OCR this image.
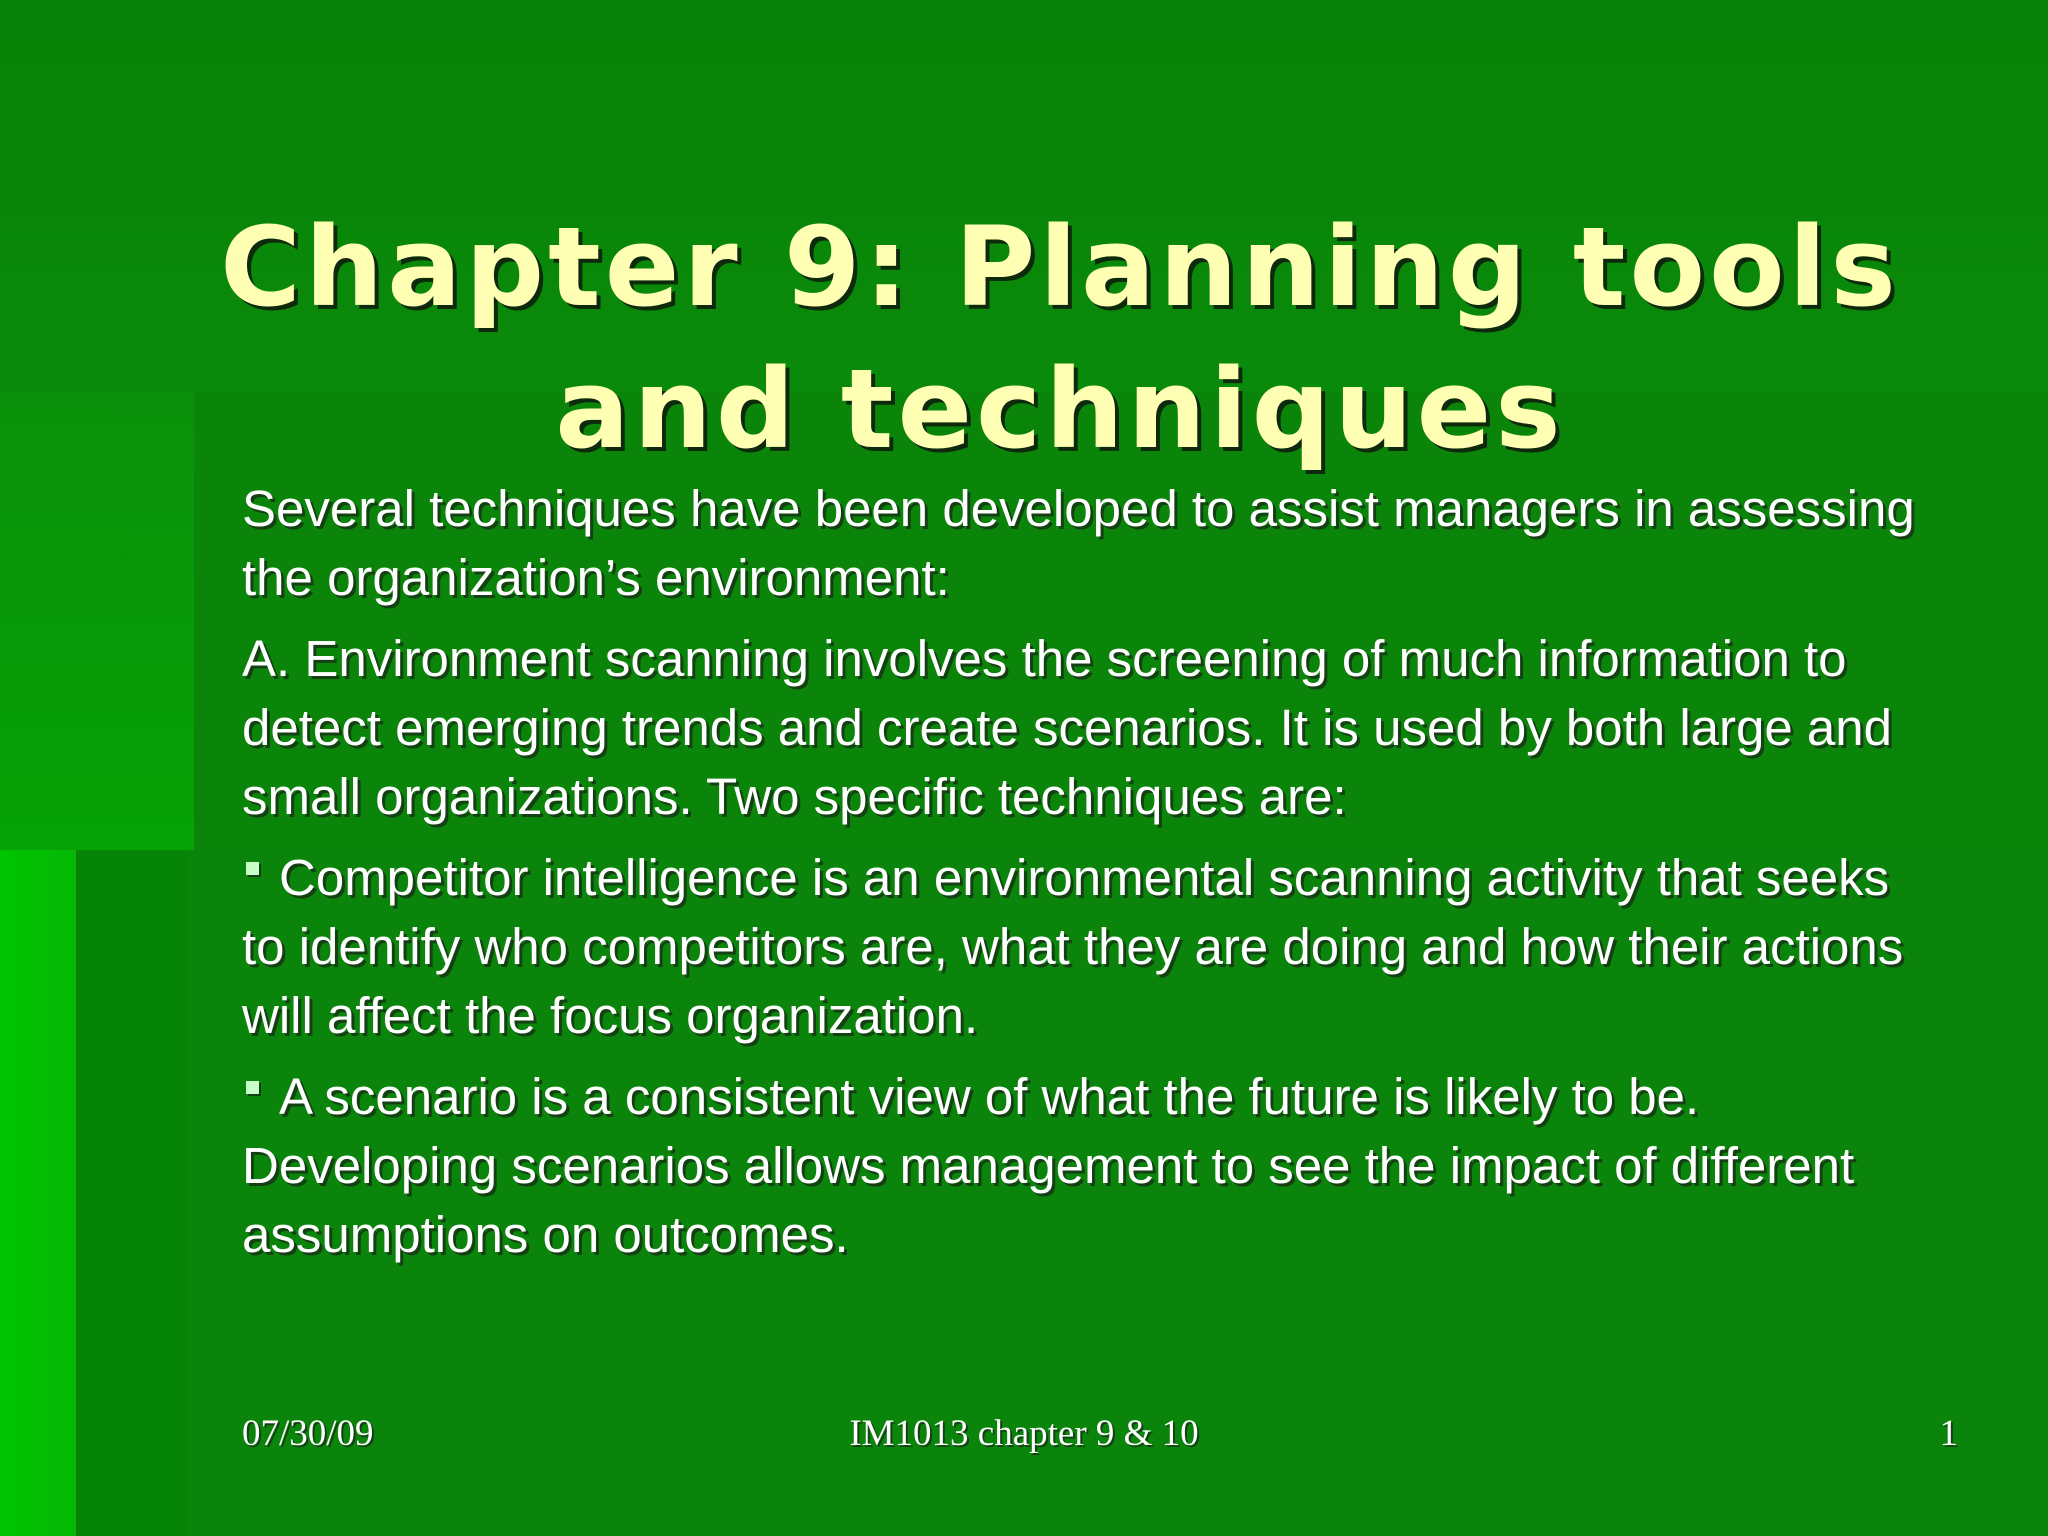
Chapter 9: Planning tools
and techniques

Several techniques have been developed to assist managers in assessing the organization’s environment:

A. Environment scanning involves the screening of much information to detect emerging trends and create scenarios. It is used by both large and small organizations. Two specific techniques are:

Competitor intelligence is an environmental scanning activity that seeks to identify who competitors are, what they are doing and how their actions will affect the focus organization.

A scenario is a consistent view of what the future is likely to be. Developing scenarios allows management to see the impact of different assumptions on outcomes.

07/30/09	IM1013 chapter 9 & 10	1
